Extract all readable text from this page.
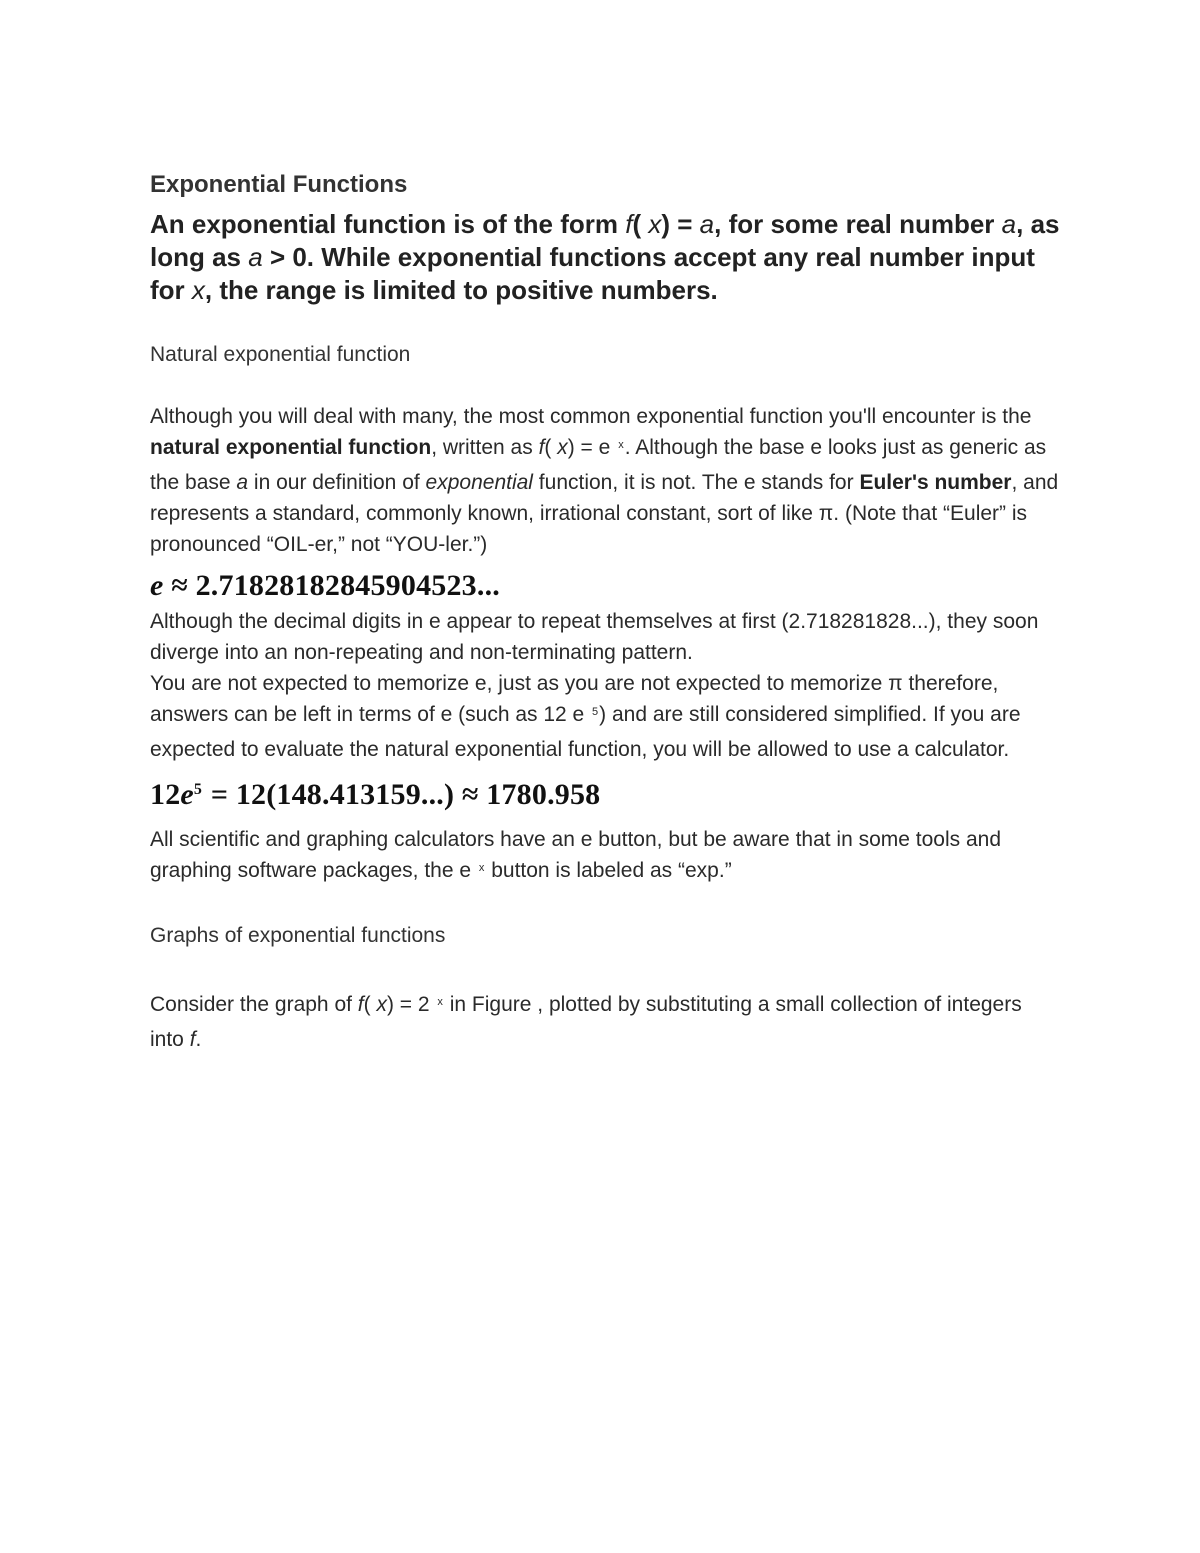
Exponential Functions

An exponential function is of the form f( x) = a, for some real number a, as long as a > 0. While exponential functions accept any real number input for x, the range is limited to positive numbers.

Natural exponential function

Although you will deal with many, the most common exponential function you'll encounter is the natural exponential function, written as f( x) = e $^x$. Although the base e looks just as generic as the base a in our definition of exponential function, it is not. The e stands for Euler's number, and represents a standard, commonly known, irrational constant, sort of like π. (Note that “Euler” is pronounced “OIL-er,” not “YOU-ler.”)

e ≈ 2.71828182845904523...

Although the decimal digits in e appear to repeat themselves at first (2.718281828...), they soon diverge into an non-repeating and non-terminating pattern.

You are not expected to memorize e, just as you are not expected to memorize π therefore, answers can be left in terms of e (such as 12 e $^5$) and are still considered simplified. If you are expected to evaluate the natural exponential function, you will be allowed to use a calculator.

$12e^5 = 12(148.413159...) \approx 1780.958$

All scientific and graphing calculators have an e button, but be aware that in some tools and graphing software packages, the e $^x$ button is labeled as “exp.”

Graphs of exponential functions

Consider the graph of f( x) = 2 $^x$ in Figure , plotted by substituting a small collection of integers into f.
